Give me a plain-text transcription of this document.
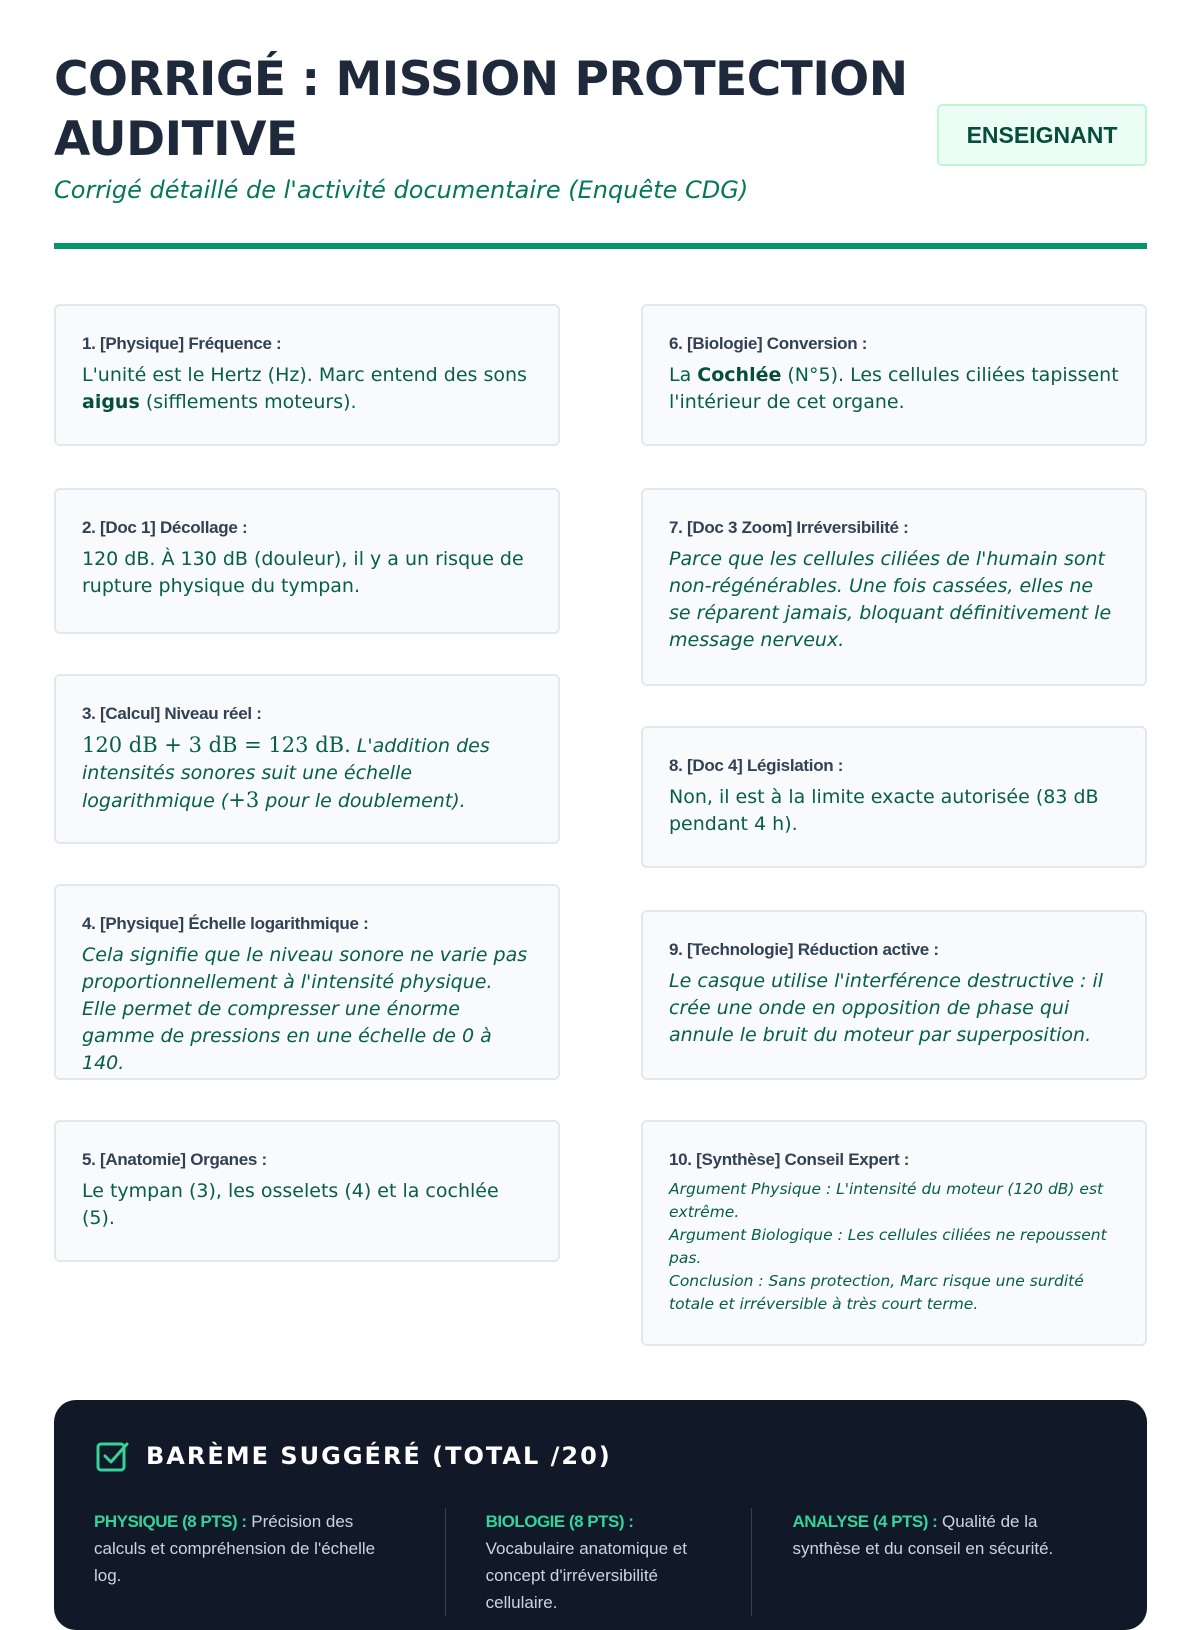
CORRIGÉ : MISSION PROTECTION AUDITIVE
Corrigé détaillé de l'activité documentaire (Enquête CDG)
ENSEIGNANT
1. [Physique] Fréquence :
L'unité est le Hertz (Hz). Marc entend des sons aigus (sifflements moteurs).
2. [Doc 1] Décollage :
120 dB. À 130 dB (douleur), il y a un risque de rupture physique du tympan.
3. [Calcul] Niveau réel :
120 dB + 3 dB = 123 dB. L'addition des intensités sonores suit une échelle logarithmique (+3 pour le doublement).
4. [Physique] Échelle logarithmique :
Cela signifie que le niveau sonore ne varie pas proportionnellement à l'intensité physique. Elle permet de compresser une énorme gamme de pressions en une échelle de 0 à 140.
5. [Anatomie] Organes :
Le tympan (3), les osselets (4) et la cochlée (5).
6. [Biologie] Conversion :
La Cochlée (N°5). Les cellules ciliées tapissent l'intérieur de cet organe.
7. [Doc 3 Zoom] Irréversibilité :
Parce que les cellules ciliées de l'humain sont non-régénérables. Une fois cassées, elles ne se réparent jamais, bloquant définitivement le message nerveux.
8. [Doc 4] Législation :
Non, il est à la limite exacte autorisée (83 dB pendant 4 h).
9. [Technologie] Réduction active :
Le casque utilise l'interférence destructive : il crée une onde en opposition de phase qui annule le bruit du moteur par superposition.
10. [Synthèse] Conseil Expert :
Argument Physique : L'intensité du moteur (120 dB) est extrême.
Argument Biologique : Les cellules ciliées ne repoussent pas.
Conclusion : Sans protection, Marc risque une surdité totale et irréversible à très court terme.
BARÈME SUGGÉRÉ (TOTAL /20)
PHYSIQUE (8 PTS) : Précision des calculs et compréhension de l'échelle log.
BIOLOGIE (8 PTS) : Vocabulaire anatomique et concept d'irréversibilité cellulaire.
ANALYSE (4 PTS) : Qualité de la synthèse et du conseil en sécurité.
